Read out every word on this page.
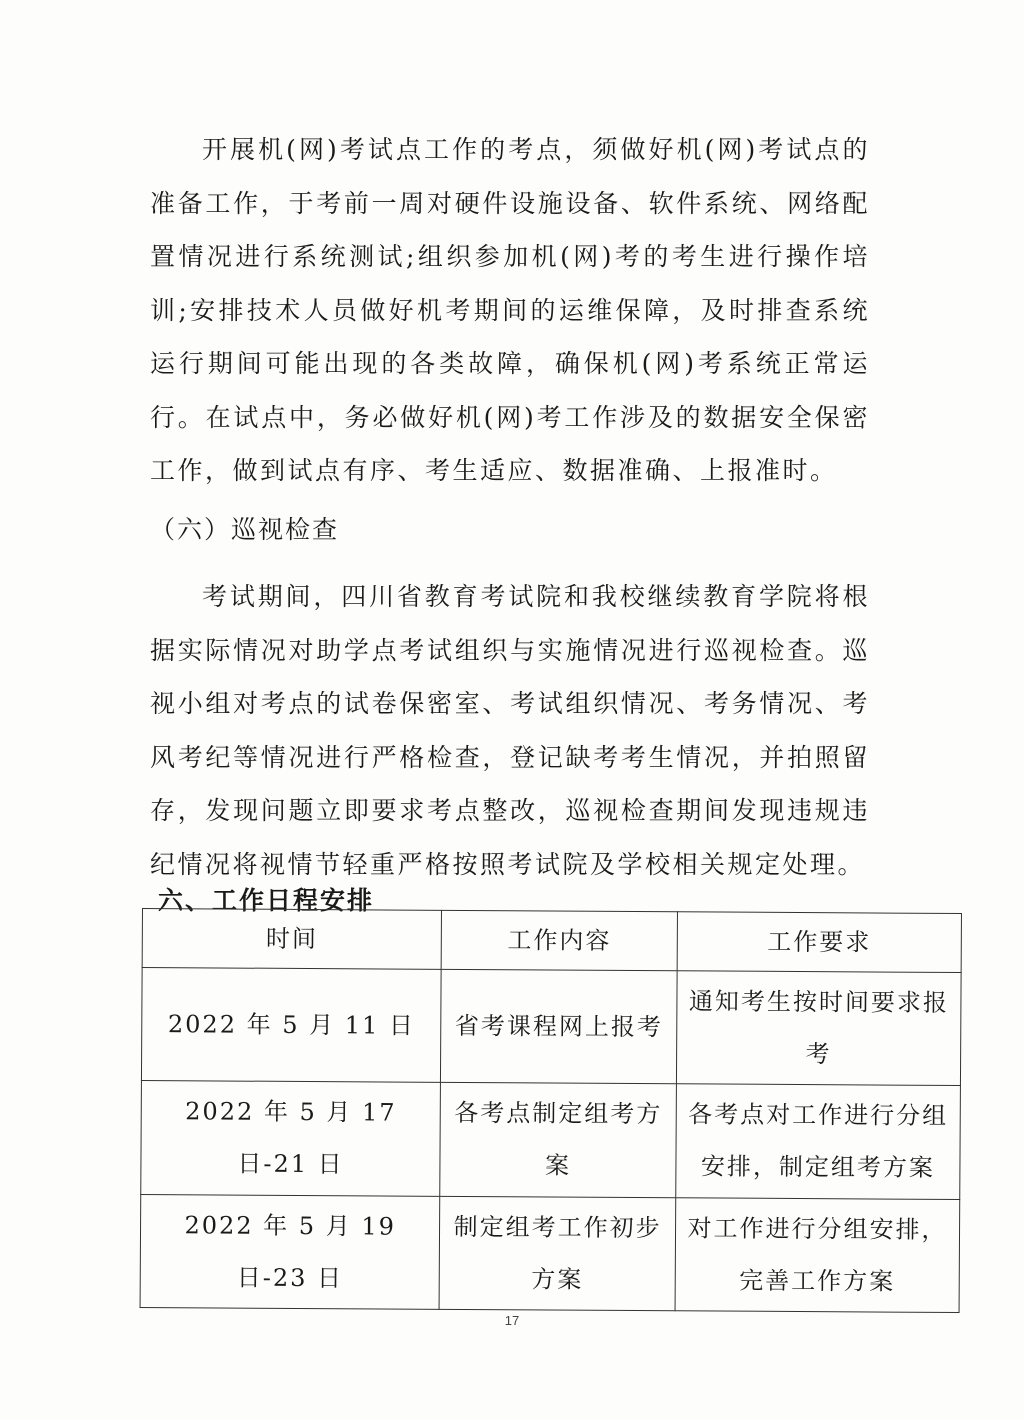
开展机(网)考试点工作的考点，须做好机(网)考试点的准备工作，于考前一周对硬件设施设备、软件系统、网络配置情况进行系统测试;组织参加机(网)考的考生进行操作培训;安排技术人员做好机考期间的运维保障，及时排查系统运行期间可能出现的各类故障，确保机(网)考系统正常运行。在试点中，务必做好机(网)考工作涉及的数据安全保密工作，做到试点有序、考生适应、数据准确、上报准时。
（六）巡视检查
考试期间，四川省教育考试院和我校继续教育学院将根据实际情况对助学点考试组织与实施情况进行巡视检查。巡视小组对考点的试卷保密室、考试组织情况、考务情况、考风考纪等情况进行严格检查，登记缺考考生情况，并拍照留存，发现问题立即要求考点整改，巡视检查期间发现违规违纪情况将视情节轻重严格按照考试院及学校相关规定处理。
六、工作日程安排
时间	工作内容	工作要求
2022 年 5 月 11 日	省考课程网上报考	通知考生按时间要求报考
2022 年 5 月 17 日-21 日	各考点制定组考方案	各考点对工作进行分组安排，制定组考方案
2022 年 5 月 19 日-23 日	制定组考工作初步方案	对工作进行分组安排，完善工作方案
17
